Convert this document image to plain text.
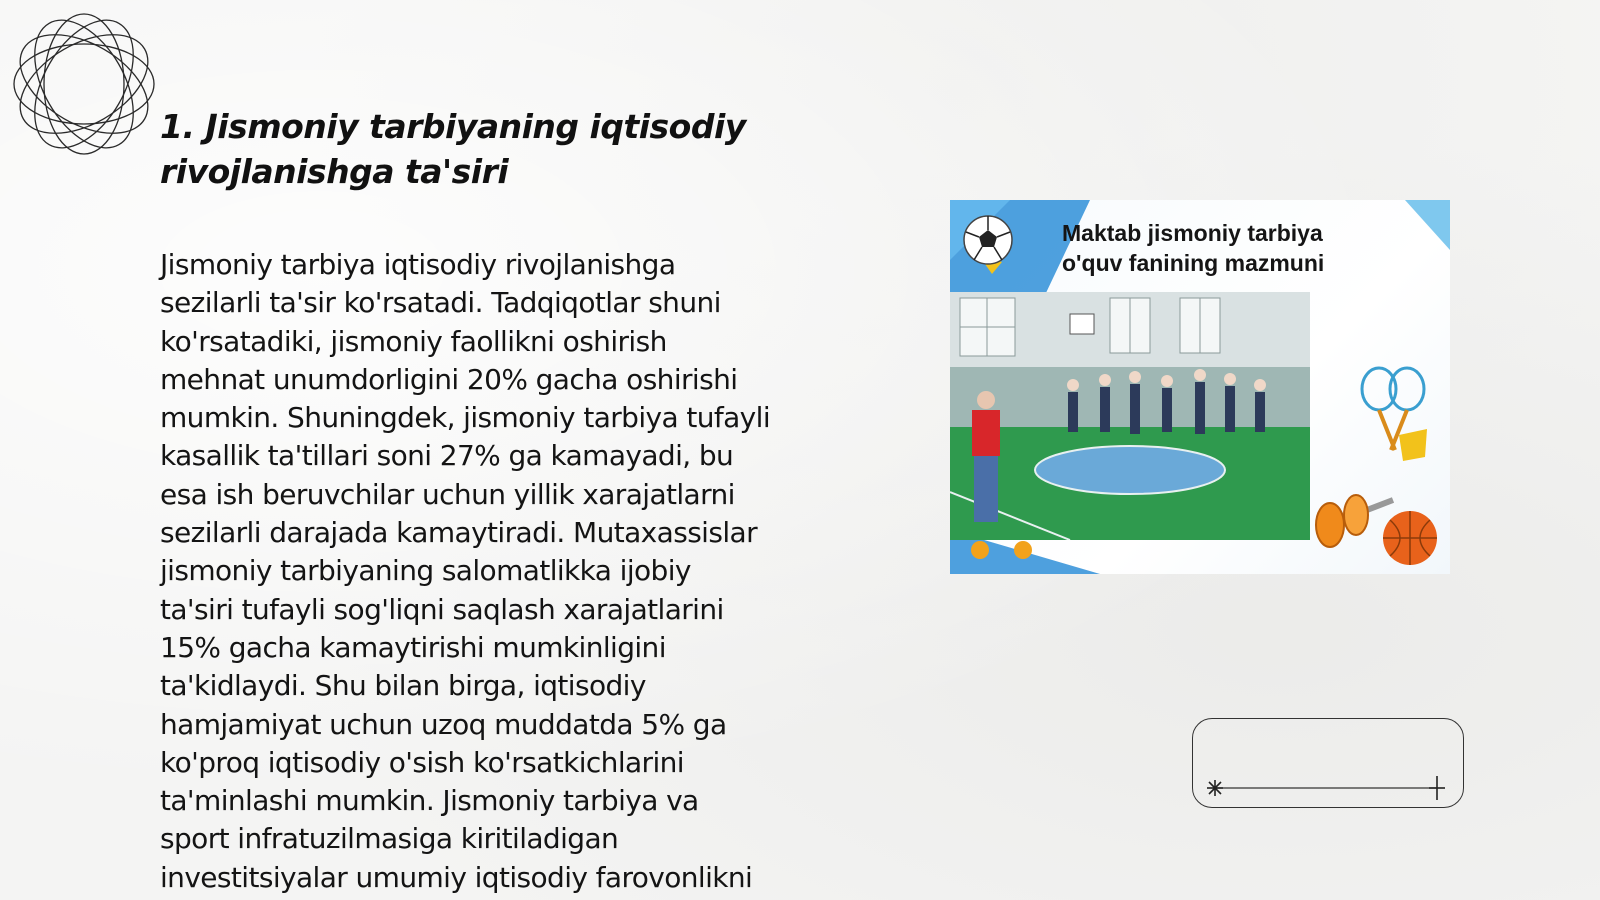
1. Jismoniy tarbiyaning iqtisodiy
rivojlanishga ta'siri

Jismoniy tarbiya iqtisodiy rivojlanishga
sezilarli ta'sir ko'rsatadi. Tadqiqotlar shuni
ko'rsatadiki, jismoniy faollikni oshirish
mehnat unumdorligini 20% gacha oshirishi
mumkin. Shuningdek, jismoniy tarbiya tufayli
kasallik ta'tillari soni 27% ga kamayadi, bu
esa ish beruvchilar uchun yillik xarajatlarni
sezilarli darajada kamaytiradi. Mutaxassislar
jismoniy tarbiyaning salomatlikka ijobiy
ta'siri tufayli sog'liqni saqlash xarajatlarini
15% gacha kamaytirishi mumkinligini
ta'kidlaydi. Shu bilan birga, iqtisodiy
hamjamiyat uchun uzoq muddatda 5% ga
ko'proq iqtisodiy o'sish ko'rsatkichlarini
ta'minlashi mumkin. Jismoniy tarbiya va
sport infratuzilmasiga kiritiladigan
investitsiyalar umumiy iqtisodiy farovonlikni

Maktab jismoniy tarbiya
o'quv fanining mazmuni
